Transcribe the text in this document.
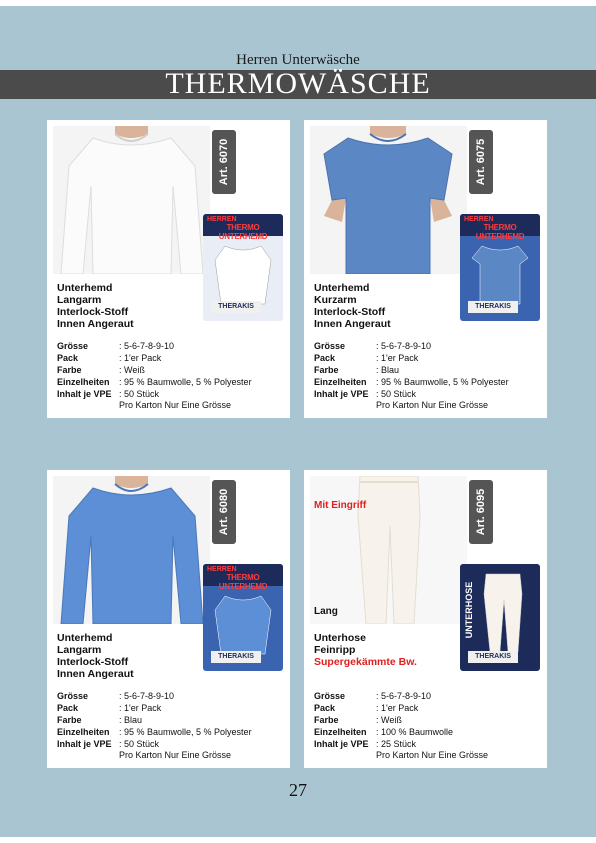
Herren Unterwäsche
THERMOWÄSCHE
Art. 6070
HERREN
THERMO UNTERHEMD
THERAKIS
Unterhemd
Langarm
Interlock-Stoff
Innen Angeraut
Grösse	: 5-6-7-8-9-10
Pack	: 1'er Pack
Farbe	: Weiß
Einzelheiten	: 95 % Baumwolle, 5 % Polyester
Inhalt je VPE : 50 Stück
Pro Karton Nur Eine Grösse
Art. 6075
HERREN
THERMO UNTERHEMD
THERAKIS
Unterhemd
Kurzarm
Interlock-Stoff
Innen Angeraut
Grösse	: 5-6-7-8-9-10
Pack	: 1'er Pack
Farbe	: Blau
Einzelheiten	: 95 % Baumwolle, 5 % Polyester
Inhalt je VPE : 50 Stück
Pro Karton Nur Eine Grösse
Art. 6080
HERREN
THERMO UNTERHEMD
THERAKIS
Unterhemd
Langarm
Interlock-Stoff
Innen Angeraut
Grösse	: 5-6-7-8-9-10
Pack	: 1'er Pack
Farbe	: Blau
Einzelheiten	: 95 % Baumwolle, 5 % Polyester
Inhalt je VPE : 50 Stück
Pro Karton Nur Eine Grösse
Mit Eingriff
Lang
Art. 6095
UNTERHOSE
THERAKIS
Unterhose
Feinripp
Supergekämmte Bw.
Grösse	: 5-6-7-8-9-10
Pack	: 1'er Pack
Farbe	: Weiß
Einzelheiten	: 100 % Baumwolle
Inhalt je VPE : 25 Stück
Pro Karton Nur Eine Grösse
27
